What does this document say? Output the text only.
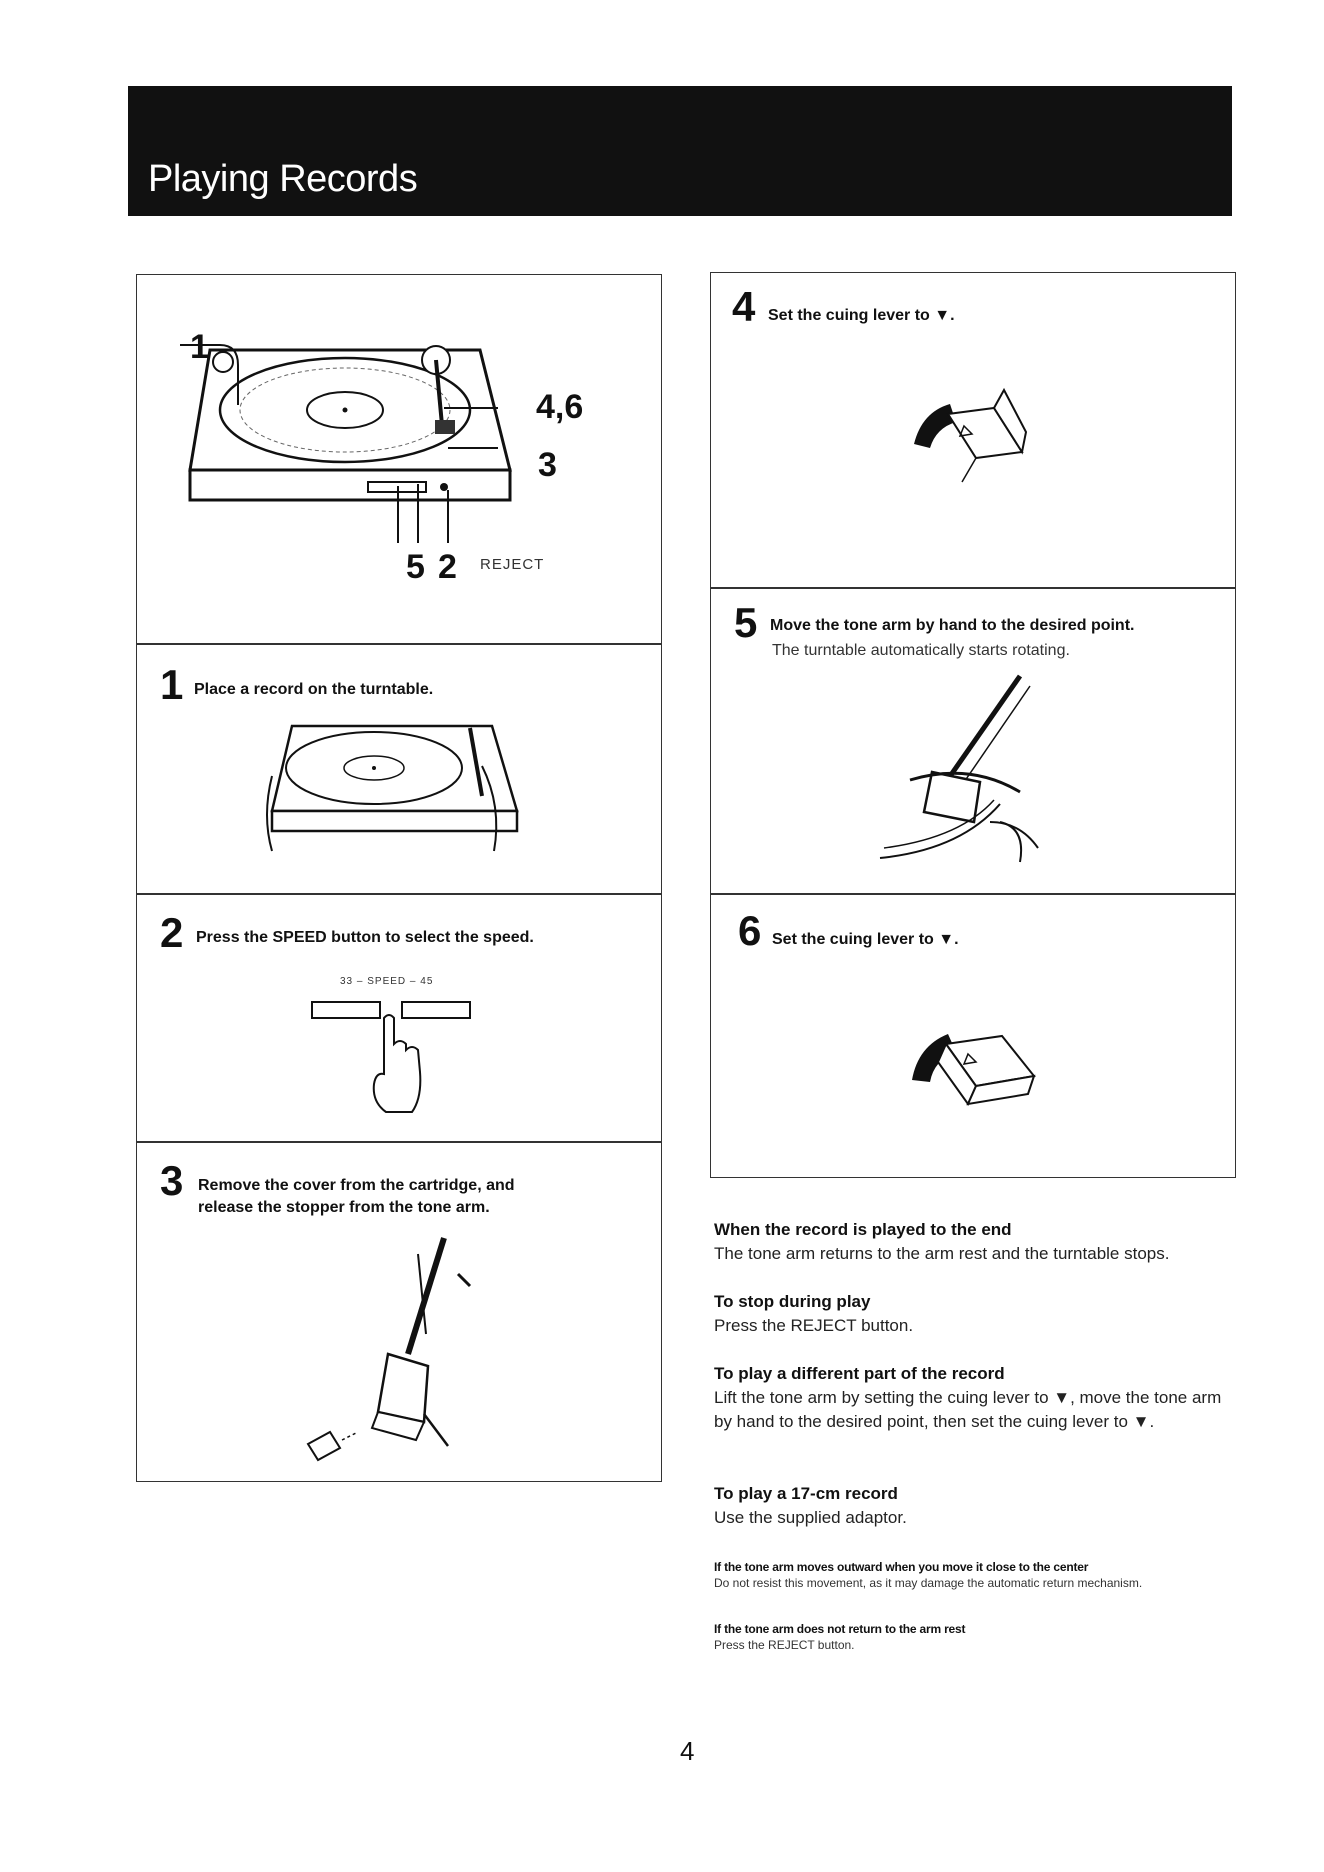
Playing Records
1
4,6
3
5 2 REJECT
1 Place a record on the turntable.
2 Press the SPEED button to select the speed.
33 – SPEED – 45
3 Remove the cover from the cartridge, and
release the stopper from the tone arm.
4 Set the cuing lever to ▼.
5 Move the tone arm by hand to the desired point.
The turntable automatically starts rotating.
6 Set the cuing lever to ▼.

When the record is played to the end

The tone arm returns to the arm rest and the turntable stops.

To stop during play

Press the REJECT button.

To play a different part of the record

Lift the tone arm by setting the cuing lever to ▼, move the tone arm by hand to the desired point, then set the cuing lever to ▼.

To play a 17-cm record

Use the supplied adaptor.

If the tone arm moves outward when you move it close to the center

Do not resist this movement, as it may damage the automatic return mechanism.

If the tone arm does not return to the arm rest

Press the REJECT button.

4
